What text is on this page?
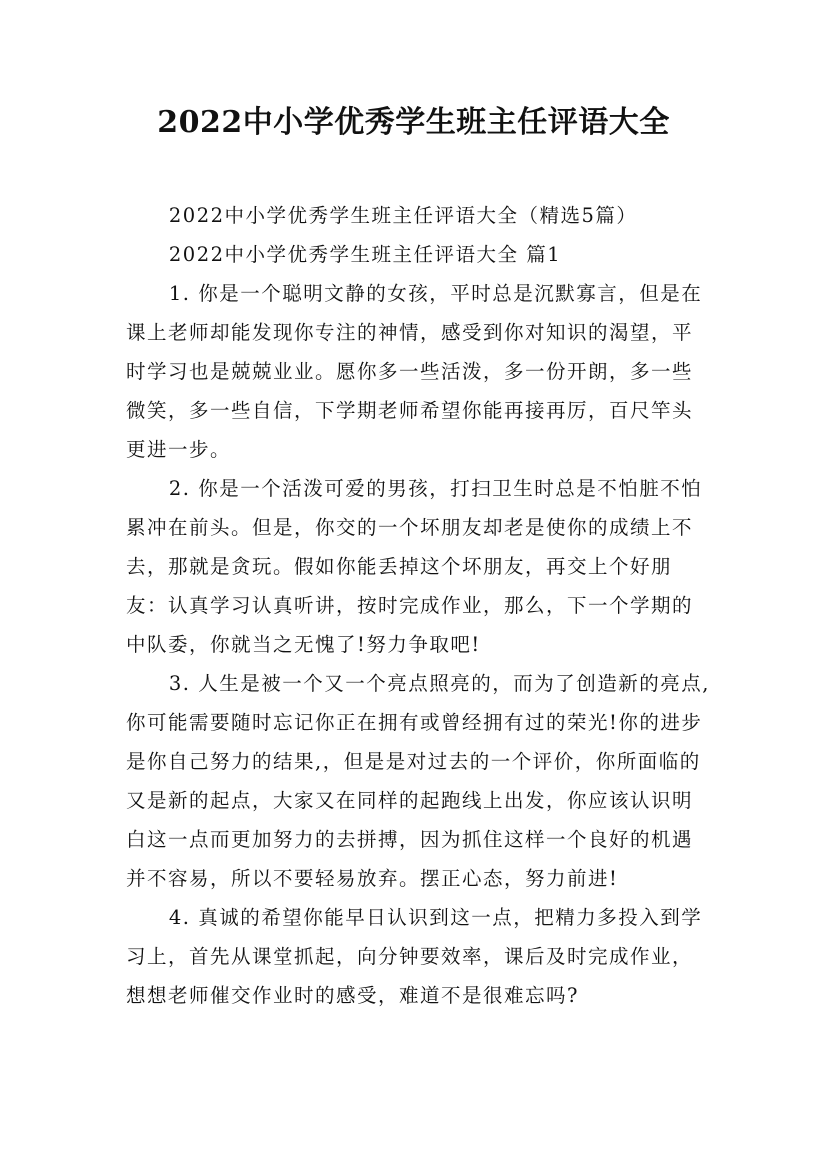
2022中小学优秀学生班主任评语大全

2022中小学优秀学生班主任评语大全（精选5篇）

2022中小学优秀学生班主任评语大全 篇1

1. 你是一个聪明文静的女孩，平时总是沉默寡言，但是在课上老师却能发现你专注的神情，感受到你对知识的渴望，平时学习也是兢兢业业。愿你多一些活泼，多一份开朗，多一些微笑，多一些自信，下学期老师希望你能再接再厉，百尺竿头更进一步。

2. 你是一个活泼可爱的男孩，打扫卫生时总是不怕脏不怕累冲在前头。但是，你交的一个坏朋友却老是使你的成绩上不去，那就是贪玩。假如你能丢掉这个坏朋友，再交上个好朋友：认真学习认真听讲，按时完成作业，那么，下一个学期的中队委，你就当之无愧了!努力争取吧!

3. 人生是被一个又一个亮点照亮的，而为了创造新的亮点,你可能需要随时忘记你正在拥有或曾经拥有过的荣光!你的进步是你自己努力的结果,，但是是对过去的一个评价，你所面临的又是新的起点，大家又在同样的起跑线上出发，你应该认识明白这一点而更加努力的去拼搏，因为抓住这样一个良好的机遇并不容易，所以不要轻易放弃。摆正心态，努力前进!

4. 真诚的希望你能早日认识到这一点，把精力多投入到学习上，首先从课堂抓起，向分钟要效率，课后及时完成作业，想想老师催交作业时的感受，难道不是很难忘吗?
